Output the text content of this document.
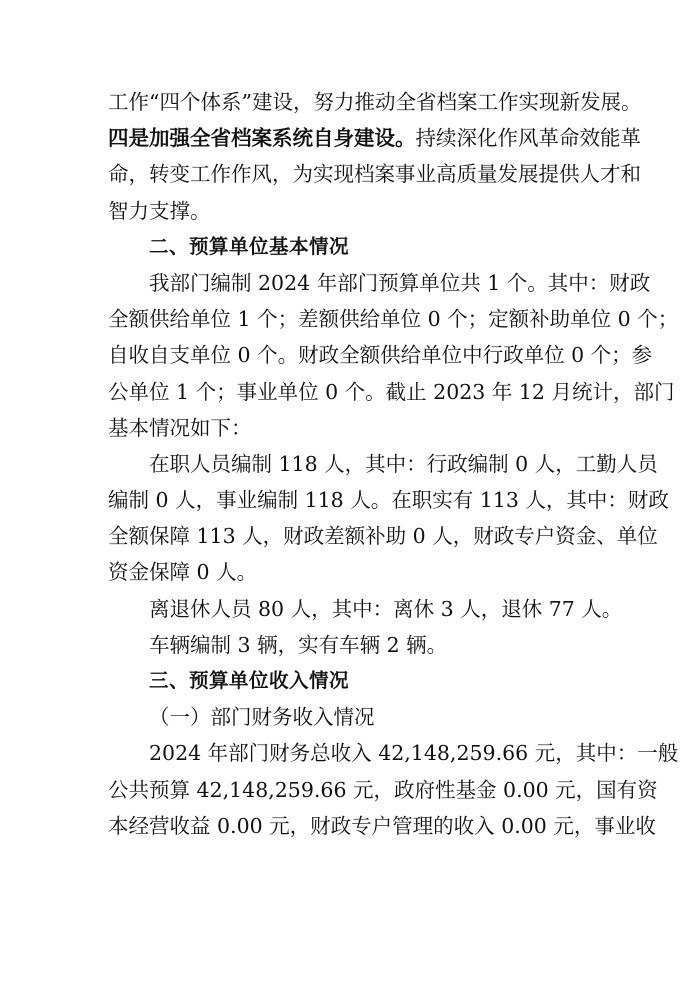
工作“四个体系”建设，努力推动全省档案工作实现新发展。
四是加强全省档案系统自身建设。持续深化作风革命效能革
命，转变工作作风，为实现档案事业高质量发展提供人才和
智力支撑。
二、预算单位基本情况
我部门编制 2024 年部门预算单位共 1 个。其中：财政
全额供给单位 1 个；差额供给单位 0 个；定额补助单位 0 个；
自收自支单位 0 个。财政全额供给单位中行政单位 0 个；参
公单位 1 个；事业单位 0 个。截止 2023 年 12 月统计，部门
基本情况如下：
在职人员编制 118 人，其中：行政编制 0 人，工勤人员
编制 0 人，事业编制 118 人。在职实有 113 人，其中：财政
全额保障 113 人，财政差额补助 0 人，财政专户资金、单位
资金保障 0 人。
离退休人员 80 人，其中：离休 3 人，退休 77 人。
车辆编制 3 辆，实有车辆 2 辆。
三、预算单位收入情况
（一）部门财务收入情况
2024 年部门财务总收入 42,148,259.66 元，其中：一般
公共预算 42,148,259.66 元，政府性基金 0.00 元，国有资
本经营收益 0.00 元，财政专户管理的收入 0.00 元，事业收
